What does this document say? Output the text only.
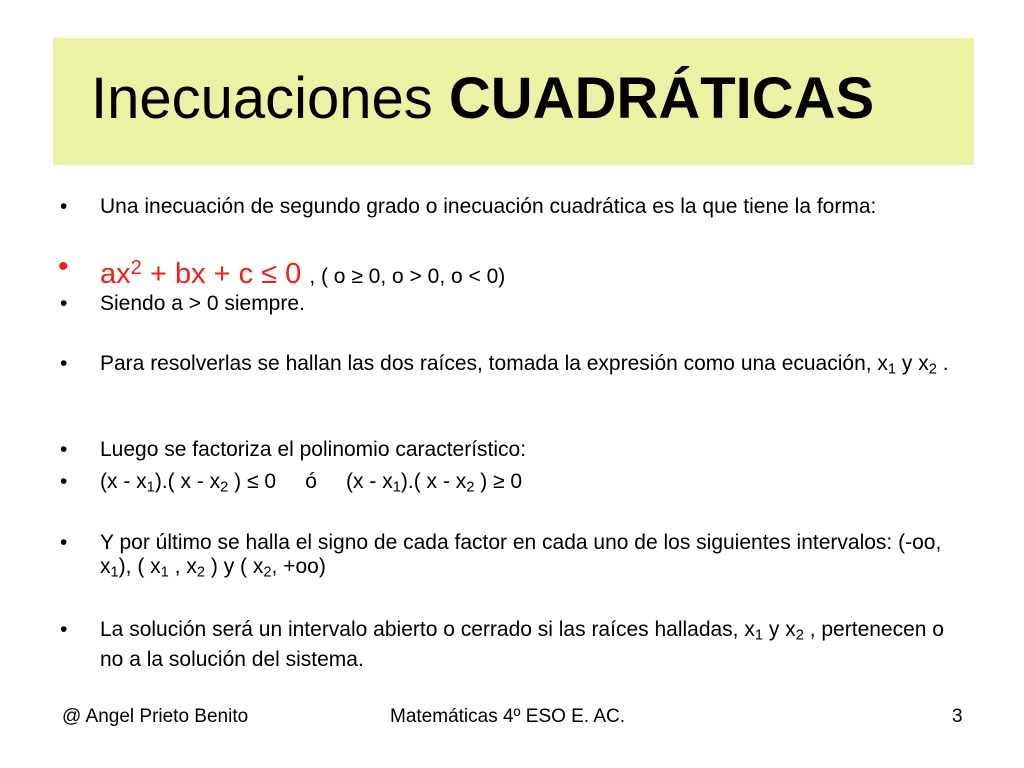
Inecuaciones CUADRÁTICAS
• Una inecuación de segundo grado o inecuación cuadrática es la que tiene la forma:
• $ax^2$ + bx + c ≤ 0 , ( o ≥ 0, o > 0, o < 0)
• Siendo a > 0 siempre.
• Para resolverlas se hallan las dos raíces, tomada la expresión como una ecuación, $x_1$ y $x_2$ .
• Luego se factoriza el polinomio característico:
• $(x - x_1)$.( x - $x_2$ ) ≤ 0     ó     $(x - x_1)$.( x - $x_2$ ) ≥ 0
• Y por último se halla el signo de cada factor en cada uno de los siguientes intervalos: (-oo, $x_1$), ( $x_1$ , $x_2$ ) y ( $x_2$, +oo)
• La solución será un intervalo abierto o cerrado si las raíces halladas, $x_1$ y $x_2$ , pertenecen o no a la solución del sistema.
@ Angel Prieto Benito	Matemáticas 4º ESO E. AC.	3
